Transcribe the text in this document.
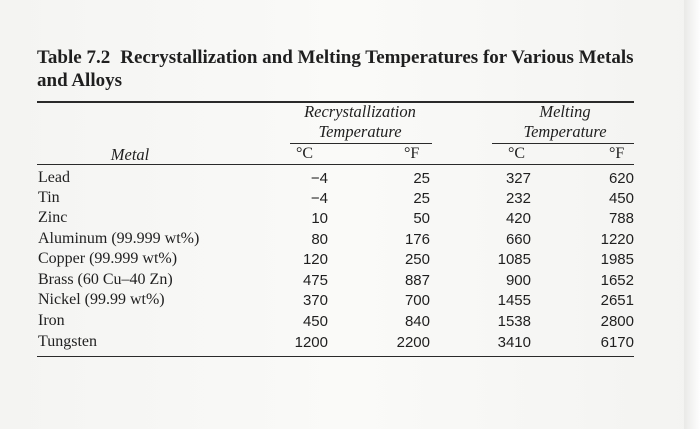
Table 7.2 Recrystallization and Melting Temperatures for Various Metals and Alloys
Recrystallization
Temperature
Melting
Temperature
Metal	°C	°F	°C	°F
Lead	−4	25	327	620
Tin	−4	25	232	450
Zinc	10	50	420	788
Aluminum (99.999 wt%)	80	176	660	1220
Copper (99.999 wt%)	120	250	1085	1985
Brass (60 Cu–40 Zn)	475	887	900	1652
Nickel (99.99 wt%)	370	700	1455	2651
Iron	450	840	1538	2800
Tungsten	1200	2200	3410	6170
